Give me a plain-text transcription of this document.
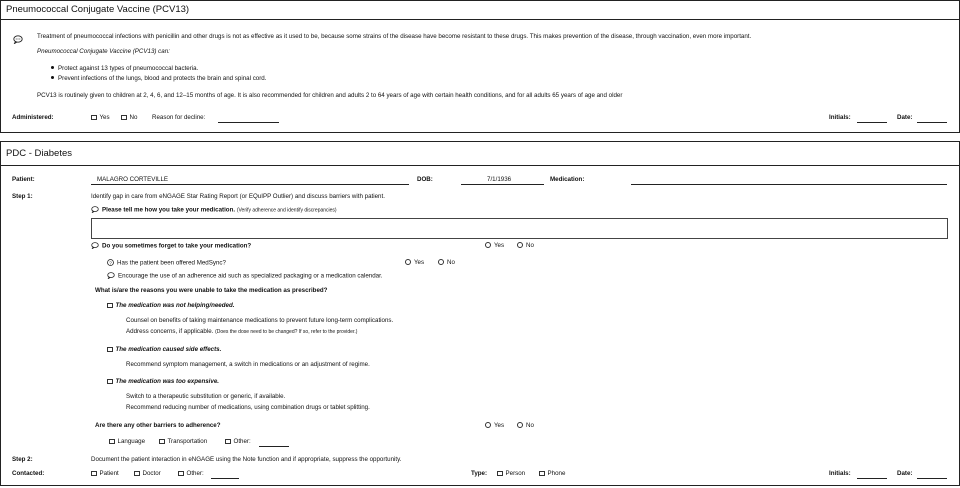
Pneumococcal Conjugate Vaccine (PCV13)
Treatment of pneumococcal infections with penicillin and other drugs is not as effective as it used to be, because some strains of the disease have become resistant to these drugs. This makes prevention of the disease, through vaccination, even more important.
Pneumococcal Conjugate Vaccine (PCV13) can:
Protect against 13 types of pneumococcal bacteria.
Prevent infections of the lungs, blood and protects the brain and spinal cord.
PCV13 is routinely given to children at 2, 4, 6, and 12–15 months of age. It is also recommended for children and adults 2 to 64 years of age with certain health conditions, and for all adults 65 years of age and older
Administered:	Yes	No Reason for decline:	Initials:	Date:
PDC - Diabetes
Patient:	MALAGRO CORTEVILLE	DOB:	7/1/1936	Medication:
Step 1:	Identify gap in care from eNGAGE Star Rating Report (or EQuIPP Outlier) and discuss barriers with patient.
Please tell me how you take your medication. (Verify adherence and identify discrepancies)
Do you sometimes forget to take your medication?	Yes	No
? Has the patient been offered MedSync?	Yes	No
Encourage the use of an adherence aid such as specialized packaging or a medication calendar.
What is/are the reasons you were unable to take the medication as prescribed?
The medication was not helping/needed.
Counsel on benefits of taking maintenance medications to prevent future long-term complications.
Address concerns, if applicable. (Does the dose need to be changed? If so, refer to the provider.)
The medication caused side effects.
Recommend symptom management, a switch in medications or an adjustment of regime.
The medication was too expensive.
Switch to a therapeutic substitution or generic, if available.
Recommend reducing number of medications, using combination drugs or tablet splitting.
Are there any other barriers to adherence?	Yes	No
Language	Transportation	Other:
Step 2:	Document the patient interaction in eNGAGE using the Note function and if appropriate, suppress the opportunity.
Contacted:	Patient	Doctor	Other:	Type:	Person	Phone	Initials:	Date:
